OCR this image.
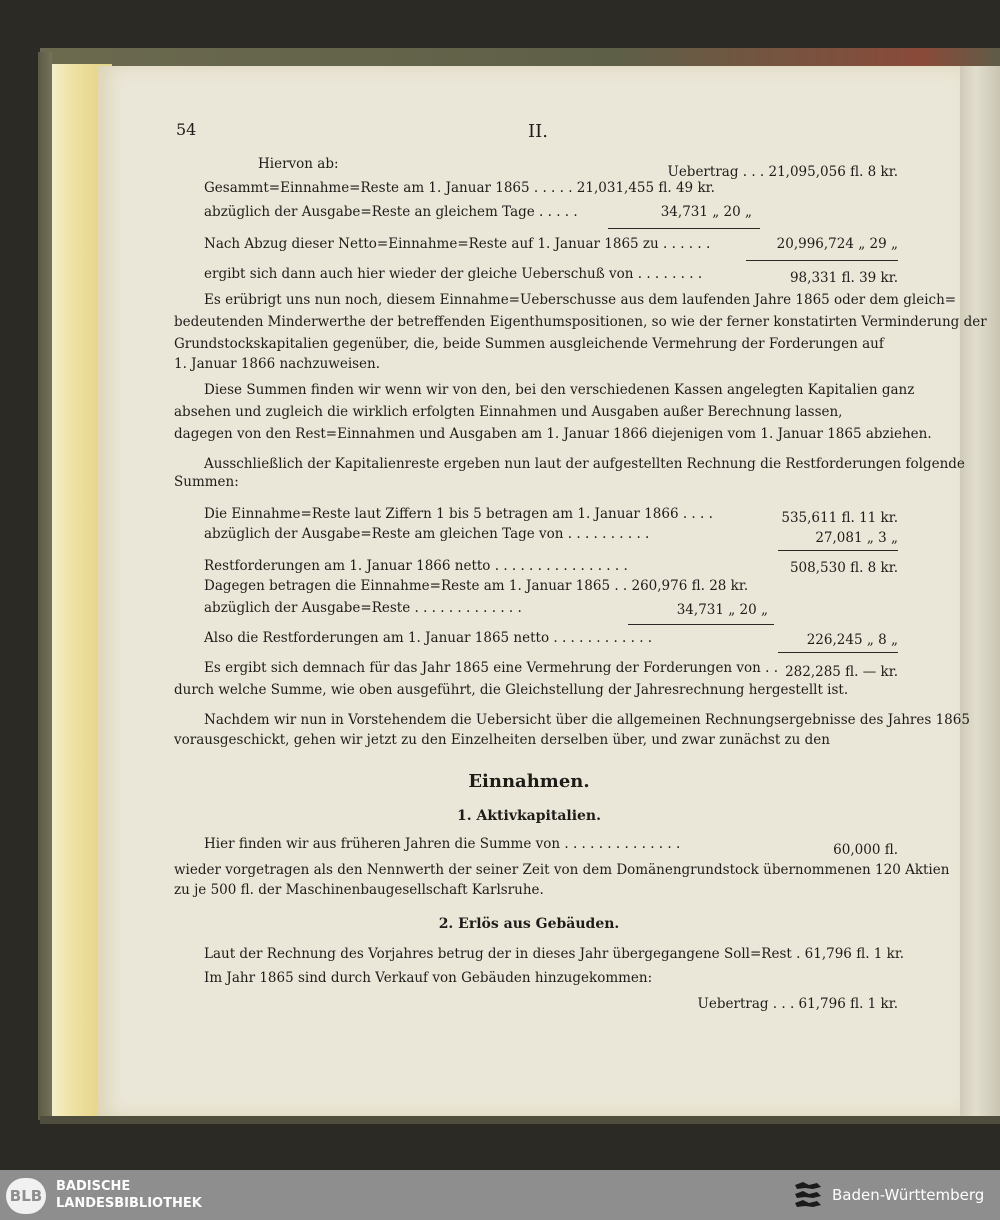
54	II.
Hiervon ab:	Uebertrag . . . 21,095,056 fl. 8 kr.
Gesammt=Einnahme=Reste am 1. Januar 1865 . . . . . 21,031,455 fl. 49 kr.
abzüglich der Ausgabe=Reste an gleichem Tage . . . . .	34,731 „ 20 „
Nach Abzug dieser Netto=Einnahme=Reste auf 1. Januar 1865 zu . . . . . .	20,996,724 „ 29 „
ergibt sich dann auch hier wieder der gleiche Ueberschuß von . . . . . . . .	98,331 fl. 39 kr.
Es erübrigt uns nun noch, diesem Einnahme=Ueberschusse aus dem laufenden Jahre 1865 oder dem gleich=
bedeutenden Minderwerthe der betreffenden Eigenthumspositionen, so wie der ferner konstatirten Verminderung der
Grundstockskapitalien gegenüber, die, beide Summen ausgleichende Vermehrung der Forderungen auf
1. Januar 1866 nachzuweisen.
Diese Summen finden wir wenn wir von den, bei den verschiedenen Kassen angelegten Kapitalien ganz
absehen und zugleich die wirklich erfolgten Einnahmen und Ausgaben außer Berechnung lassen,
dagegen von den Rest=Einnahmen und Ausgaben am 1. Januar 1866 diejenigen vom 1. Januar 1865 abziehen.
Ausschließlich der Kapitalienreste ergeben nun laut der aufgestellten Rechnung die Restforderungen folgende
Summen:
Die Einnahme=Reste laut Ziffern 1 bis 5 betragen am 1. Januar 1866 . . . .	535,611 fl. 11 kr.
abzüglich der Ausgabe=Reste am gleichen Tage von . . . . . . . . . .	27,081 „ 3 „
Restforderungen am 1. Januar 1866 netto . . . . . . . . . . . . . . . .	508,530 fl. 8 kr.
Dagegen betragen die Einnahme=Reste am 1. Januar 1865 . . 260,976 fl. 28 kr.
abzüglich der Ausgabe=Reste . . . . . . . . . . . . .	34,731 „ 20 „
Also die Restforderungen am 1. Januar 1865 netto . . . . . . . . . . . .	226,245 „ 8 „
Es ergibt sich demnach für das Jahr 1865 eine Vermehrung der Forderungen von . . 282,285 fl. — kr.
durch welche Summe, wie oben ausgeführt, die Gleichstellung der Jahresrechnung hergestellt ist.
Nachdem wir nun in Vorstehendem die Uebersicht über die allgemeinen Rechnungsergebnisse des Jahres 1865
vorausgeschickt, gehen wir jetzt zu den Einzelheiten derselben über, und zwar zunächst zu den
Einnahmen.
1. Aktivkapitalien.
Hier finden wir aus früheren Jahren die Summe von . . . . . . . . . . . . . .	60,000 fl.
wieder vorgetragen als den Nennwerth der seiner Zeit von dem Domänengrundstock übernommenen 120 Aktien
zu je 500 fl. der Maschinenbaugesellschaft Karlsruhe.
2. Erlös aus Gebäuden.
Laut der Rechnung des Vorjahres betrug der in dieses Jahr übergegangene Soll=Rest . 61,796 fl. 1 kr.
Im Jahr 1865 sind durch Verkauf von Gebäuden hinzugekommen:
Uebertrag . . . 61,796 fl. 1 kr.
BLB
BADISCHE
LANDESBIBLIOTHEK	Baden-Württemberg
